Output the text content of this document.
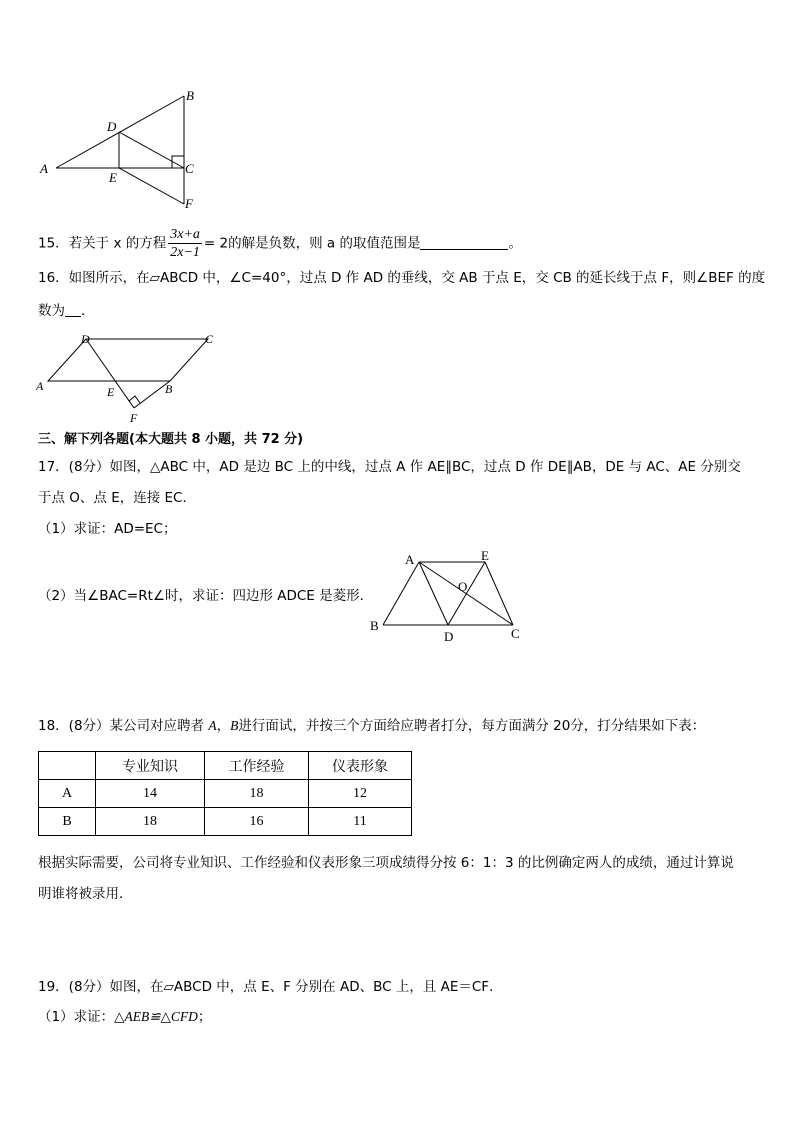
A
B
C
D
E
F
15．若关于 x 的方程 $\frac{3x+a}{2x-1} = 2$的解是负数，则 a 的取值范围是	。
16．如图所示，在▱ABCD 中，∠C=40°，过点 D 作 AD 的垂线，交 AB 于点 E，交 CB 的延长线于点 F，则∠BEF 的度
数为 ．
A
D	C
B
E
F
三、解下列各题(本大题共 8 小题，共 72 分)
17．(8分）如图，△ABC 中，AD 是边 BC 上的中线，过点 A 作 AE∥BC，过点 D 作 DE∥AB，DE 与 AC、AE 分别交
于点 O、点 E，连接 EC．
（1）求证：AD=EC；
（2）当∠BAC=Rt∠时，求证：四边形 ADCE 是菱形．
A	E
O
B
D	C
18．(8分）某公司对应聘者 A，B进行面试，并按三个方面给应聘者打分，每方面满分 20分，打分结果如下表：
	专业知识	工作经验	仪表形象
A	14	18	12
B	18	16	11
根据实际需要，公司将专业知识、工作经验和仪表形象三项成绩得分按 6：1：3 的比例确定两人的成绩，通过计算说
明谁将被录用．
19．(8分）如图，在▱ABCD 中，点 E、F 分别在 AD、BC 上，且 AE＝CF．
（1）求证：△AEB≌△CFD；
